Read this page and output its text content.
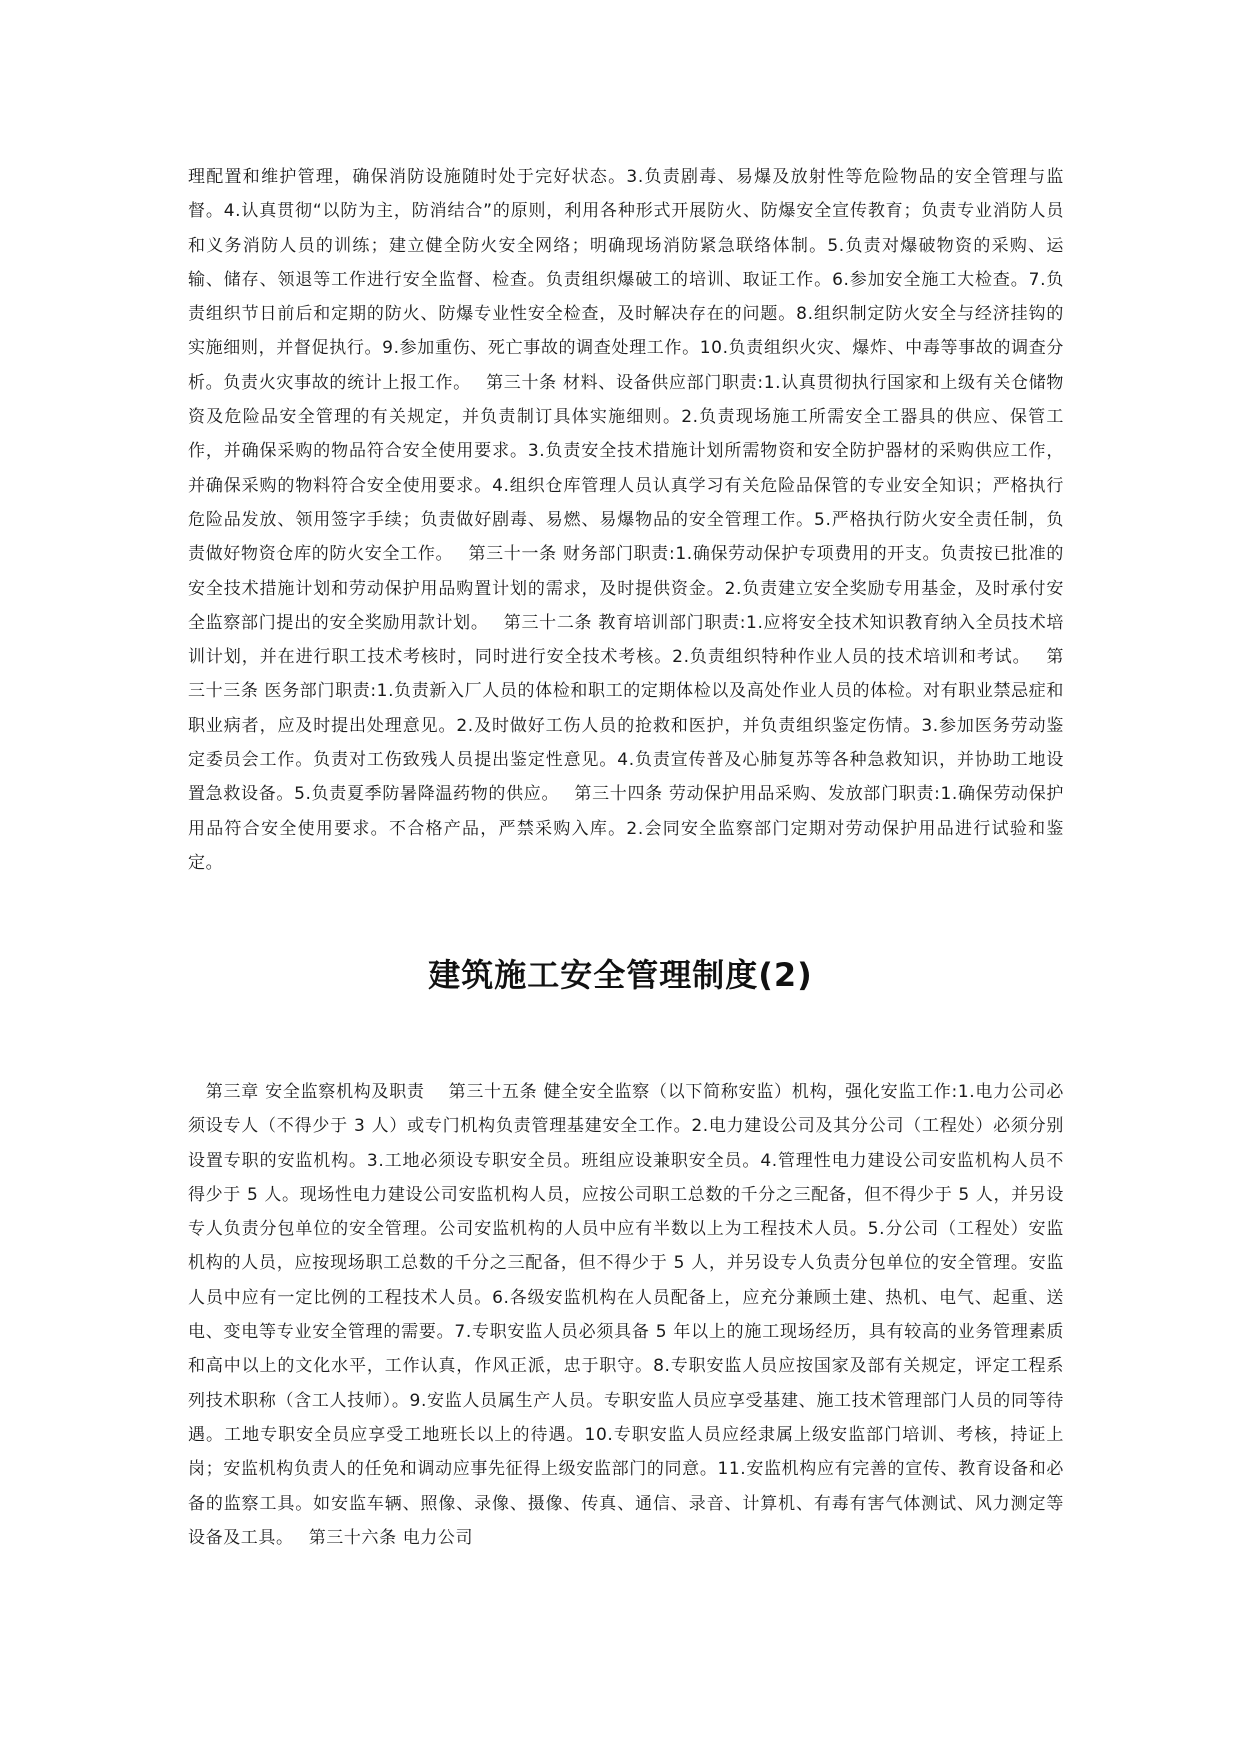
理配置和维护管理，确保消防设施随时处于完好状态。3.负责剧毒、易爆及放射性等危险物品的安全管理与监督。4.认真贯彻“以防为主，防消结合”的原则，利用各种形式开展防火、防爆安全宣传教育；负责专业消防人员和义务消防人员的训练；建立健全防火安全网络；明确现场消防紧急联络体制。5.负责对爆破物资的采购、运输、储存、领退等工作进行安全监督、检查。负责组织爆破工的培训、取证工作。6.参加安全施工大检查。7.负责组织节日前后和定期的防火、防爆专业性安全检查，及时解决存在的问题。8.组织制定防火安全与经济挂钩的实施细则，并督促执行。9.参加重伤、死亡事故的调查处理工作。10.负责组织火灾、爆炸、中毒等事故的调查分析。负责火灾事故的统计上报工作。　 第三十条 材料、设备供应部门职责:1.认真贯彻执行国家和上级有关仓储物资及危险品安全管理的有关规定，并负责制订具体实施细则。2.负责现场施工所需安全工器具的供应、保管工作，并确保采购的物品符合安全使用要求。3.负责安全技术措施计划所需物资和安全防护器材的采购供应工作，并确保采购的物料符合安全使用要求。4.组织仓库管理人员认真学习有关危险品保管的专业安全知识；严格执行危险品发放、领用签字手续；负责做好剧毒、易燃、易爆物品的安全管理工作。5.严格执行防火安全责任制，负责做好物资仓库的防火安全工作。　 第三十一条 财务部门职责:1.确保劳动保护专项费用的开支。负责按已批准的安全技术措施计划和劳动保护用品购置计划的需求，及时提供资金。2.负责建立安全奖励专用基金，及时承付安全监察部门提出的安全奖励用款计划。　 第三十二条 教育培训部门职责:1.应将安全技术知识教育纳入全员技术培训计划，并在进行职工技术考核时，同时进行安全技术考核。2.负责组织特种作业人员的技术培训和考试。　 第三十三条 医务部门职责:1.负责新入厂人员的体检和职工的定期体检以及高处作业人员的体检。对有职业禁忌症和职业病者，应及时提出处理意见。2.及时做好工伤人员的抢救和医护，并负责组织鉴定伤情。3.参加医务劳动鉴定委员会工作。负责对工伤致残人员提出鉴定性意见。4.负责宣传普及心肺复苏等各种急救知识，并协助工地设置急救设备。5.负责夏季防暑降温药物的供应。　 第三十四条 劳动保护用品采购、发放部门职责:1.确保劳动保护用品符合安全使用要求。不合格产品，严禁采购入库。2.会同安全监察部门定期对劳动保护用品进行试验和鉴定。

建筑施工安全管理制度(2)

　第三章 安全监察机构及职责　 第三十五条 健全安全监察（以下简称安监）机构，强化安监工作:1.电力公司必须设专人（不得少于 3 人）或专门机构负责管理基建安全工作。2.电力建设公司及其分公司（工程处）必须分别设置专职的安监机构。3.工地必须设专职安全员。班组应设兼职安全员。4.管理性电力建设公司安监机构人员不得少于 5 人。现场性电力建设公司安监机构人员，应按公司职工总数的千分之三配备，但不得少于 5 人，并另设专人负责分包单位的安全管理。公司安监机构的人员中应有半数以上为工程技术人员。5.分公司（工程处）安监机构的人员，应按现场职工总数的千分之三配备，但不得少于 5 人，并另设专人负责分包单位的安全管理。安监人员中应有一定比例的工程技术人员。6.各级安监机构在人员配备上，应充分兼顾土建、热机、电气、起重、送电、变电等专业安全管理的需要。7.专职安监人员必须具备 5 年以上的施工现场经历，具有较高的业务管理素质和高中以上的文化水平，工作认真，作风正派，忠于职守。8.专职安监人员应按国家及部有关规定，评定工程系列技术职称（含工人技师）。9.安监人员属生产人员。专职安监人员应享受基建、施工技术管理部门人员的同等待遇。工地专职安全员应享受工地班长以上的待遇。10.专职安监人员应经隶属上级安监部门培训、考核，持证上岗；安监机构负责人的任免和调动应事先征得上级安监部门的同意。11.安监机构应有完善的宣传、教育设备和必备的监察工具。如安监车辆、照像、录像、摄像、传真、通信、录音、计算机、有毒有害气体测试、风力测定等设备及工具。　 第三十六条 电力公司
